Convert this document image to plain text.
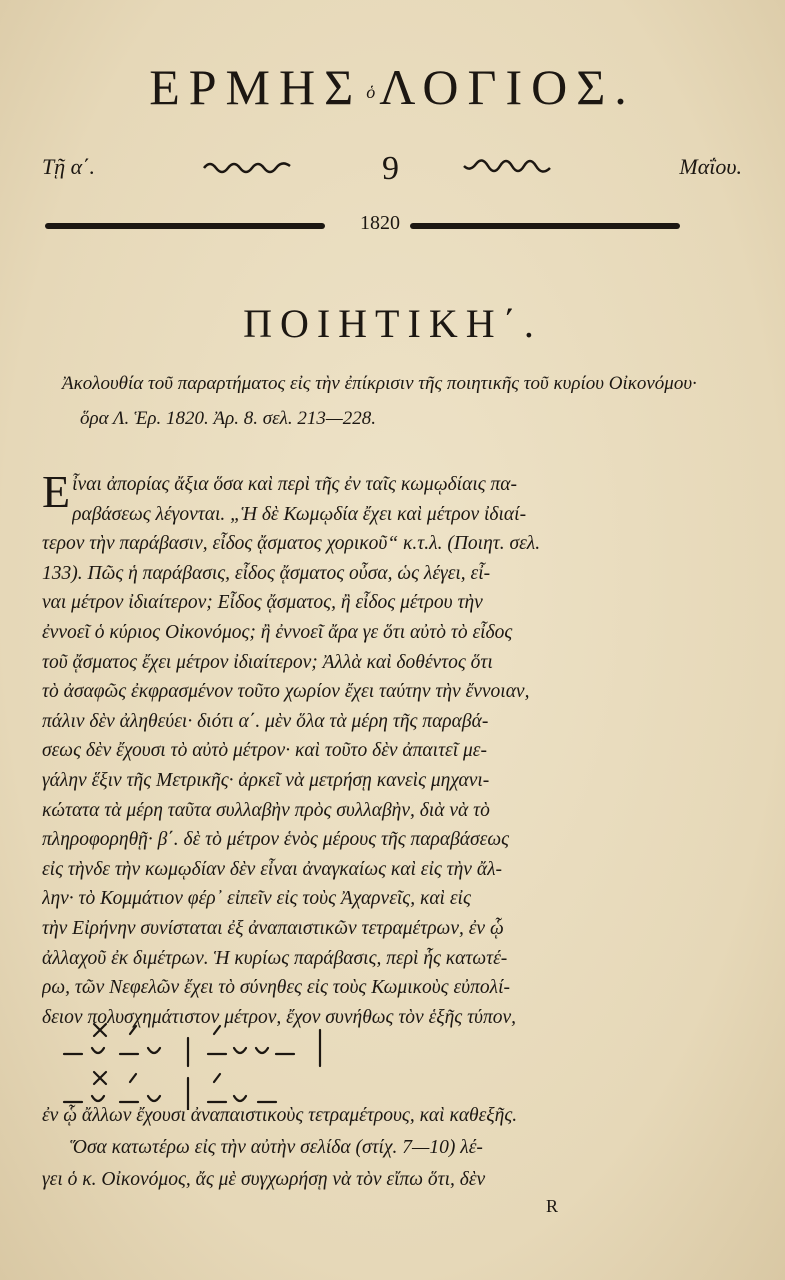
ΕΡΜΗΣ ὁΛΟΓΙΟΣ.
Τῇ α΄.	9	Μαΐου.
1820
ΠΟΙΗΤΙΚΗ΄.
Ἀκολουθία τοῦ παραρτήματος εἰς τὴν ἐπίκρισιν τῆς ποιητικῆς τοῦ κυρίου Οἰκονόμου· ὅρα Λ. Ἑρ. 1820. Ἀρ. 8. σελ. 213—228.
Ε ἶναι ἀπορίας ἄξια ὅσα καὶ περὶ τῆς ἐν ταῖς κωμῳδίαις πα-
ραβάσεως λέγονται. „Ἡ δὲ Κωμῳδία ἔχει καὶ μέτρον ἰδιαί-
τερον τὴν παράβασιν, εἶδος ᾄσματος χορικοῦ“ κ.τ.λ. (Ποιητ. σελ.
133). Πῶς ἡ παράβασις, εἶδος ᾄσματος οὖσα, ὡς λέγει, εἶ-
ναι μέτρον ἰδιαίτερον; Εἶδος ᾄσματος, ἢ εἶδος μέτρου τὴν
ἐννοεῖ ὁ κύριος Οἰκονόμος; ἢ ἐννοεῖ ἄρα γε ὅτι αὐτὸ τὸ εἶδος
τοῦ ᾄσματος ἔχει μέτρον ἰδιαίτερον; Ἀλλὰ καὶ δοθέντος ὅτι
τὸ ἀσαφῶς ἐκφρασμένον τοῦτο χωρίον ἔχει ταύτην τὴν ἔννοιαν,
πάλιν δὲν ἀληθεύει· διότι α΄. μὲν ὅλα τὰ μέρη τῆς παραβά-
σεως δὲν ἔχουσι τὸ αὐτὸ μέτρον· καὶ τοῦτο δὲν ἀπαιτεῖ με-
γάλην ἕξιν τῆς Μετρικῆς· ἀρκεῖ νὰ μετρήσῃ κανεὶς μηχανι-
κώτατα τὰ μέρη ταῦτα συλλαβὴν πρὸς συλλαβὴν, διὰ νὰ τὸ
πληροφορηθῇ· β΄. δὲ τὸ μέτρον ἑνὸς μέρους τῆς παραβάσεως
εἰς τὴνδε τὴν κωμῳδίαν δὲν εἶναι ἀναγκαίως καὶ εἰς τὴν ἄλ-
λην· τὸ Κομμάτιον φέρ᾽ εἰπεῖν εἰς τοὺς Ἀχαρνεῖς, καὶ εἰς
τὴν Εἰρήνην συνίσταται ἐξ ἀναπαιστικῶν τετραμέτρων, ἐν ᾧ
ἀλλαχοῦ ἐκ διμέτρων. Ἡ κυρίως παράβασις, περὶ ἧς κατωτέ-
ρω, τῶν Νεφελῶν ἔχει τὸ σύνηθες εἰς τοὺς Κωμικοὺς εὐπολί-
δειον πολυσχημάτιστον μέτρον, ἔχον συνήθως τὸν ἑξῆς τύπον,
ἐν ᾧ ἄλλων ἔχουσι ἀναπαιστικοὺς τετραμέτρους, καὶ καθεξῆς.
Ὅσα κατωτέρω εἰς τὴν αὐτὴν σελίδα (στίχ. 7—10) λέ-
γει ὁ κ. Οἰκονόμος, ἄς μὲ συγχωρήσῃ νὰ τὸν εἴπω ὅτι, δὲν
R
